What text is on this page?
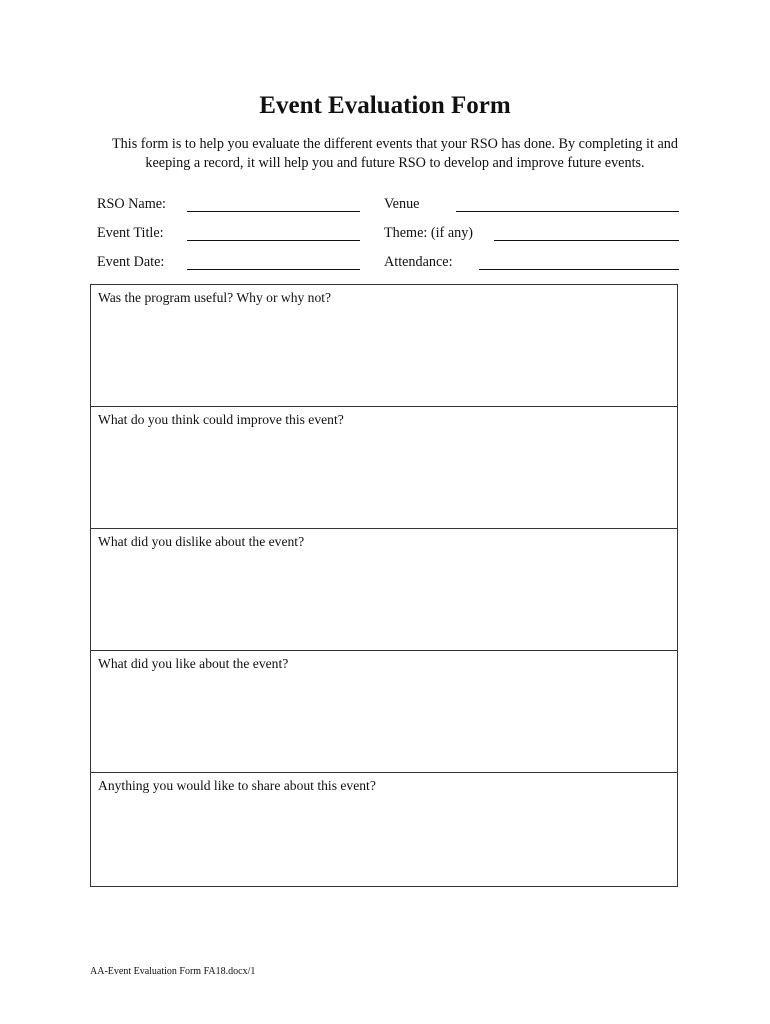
Event Evaluation Form
This form is to help you evaluate the different events that your RSO has done. By completing it and
keeping a record, it will help you and future RSO to develop and improve future events.
RSO Name:	Venue
Event Title:	Theme: (if any)
Event Date:	Attendance:
Was the program useful? Why or why not?
What do you think could improve this event?
What did you dislike about the event?
What did you like about the event?
Anything you would like to share about this event?
AA-Event Evaluation Form FA18.docx/1
